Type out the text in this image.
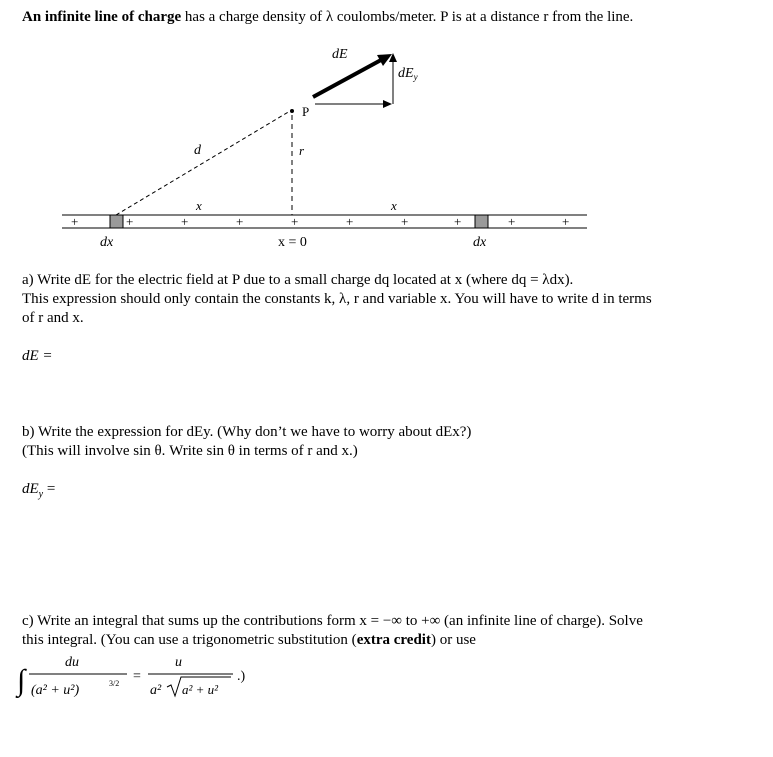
An infinite line of charge has a charge density of λ coulombs/meter. P is at a distance r from the line.
+	+	+	+	+	+	+	+	+	+
P
dE
$dE_y$
r
d
x	x
dx	x = 0	dx
a) Write dE for the electric field at P due to a small charge dq located at x (where dq = λdx).
This expression should only contain the constants k, λ, r and variable x. You will have to write d in terms
of r and x.
dE =
b) Write the expression for dEy. (Why don’t we have to worry about dEx?)
(This will involve sin θ. Write sin θ in terms of r and x.)
$dE_y$ =
c) Write an integral that sums up the contributions form x = −∞ to +∞ (an infinite line of charge). Solve
this integral. (You can use a trigonometric substitution (extra credit) or use
∫
du
(a² + u²)	3/2 =
u
a² a² + u²
.)
